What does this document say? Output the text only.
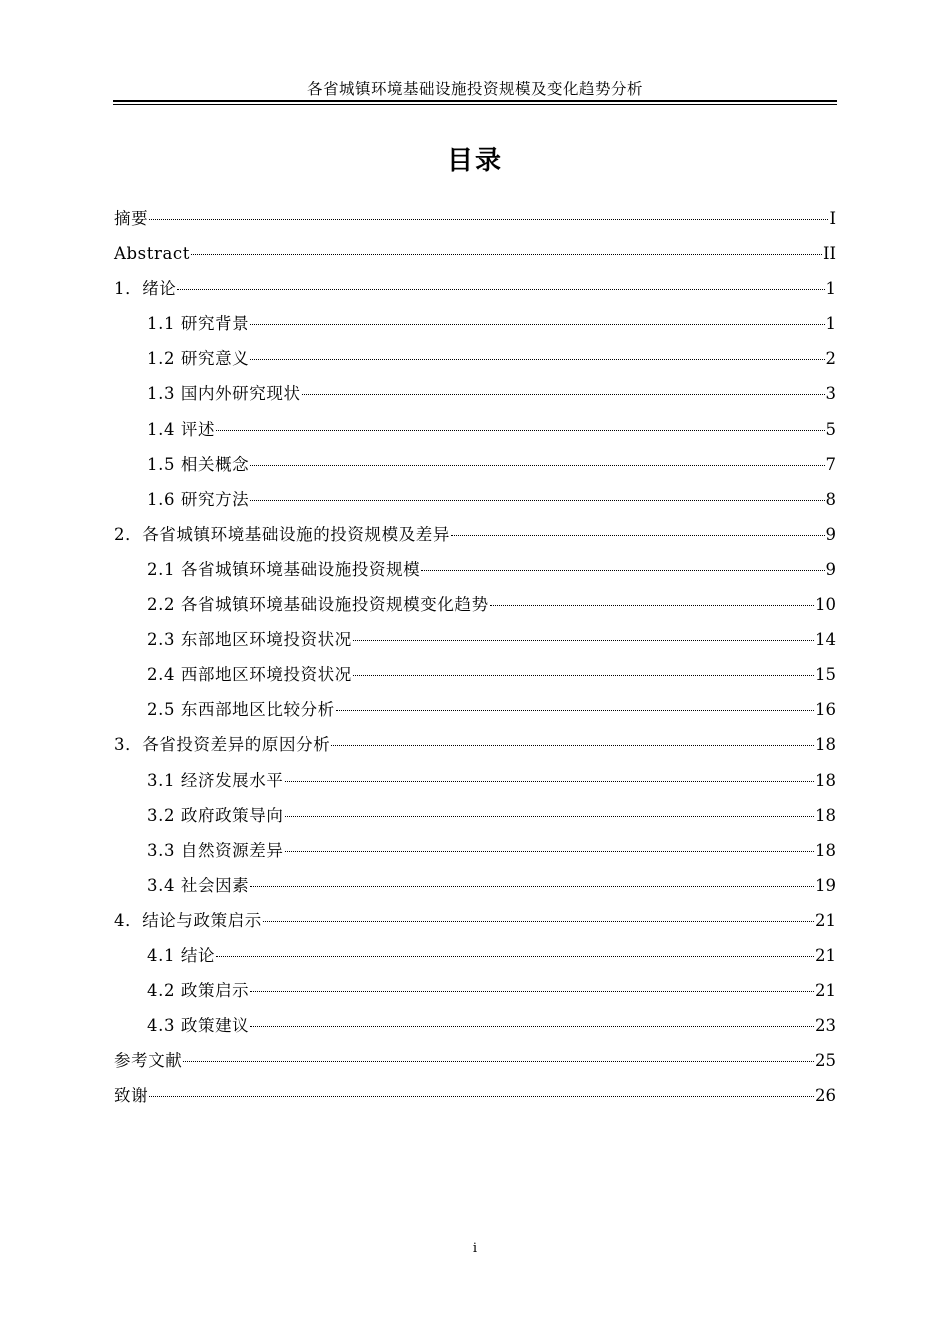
各省城镇环境基础设施投资规模及变化趋势分析
目录
摘要	I
Abstract	II
1．绪论	1
1.1 研究背景	1
1.2 研究意义	2
1.3 国内外研究现状	3
1.4 评述	5
1.5 相关概念	7
1.6 研究方法	8
2．各省城镇环境基础设施的投资规模及差异	9
2.1 各省城镇环境基础设施投资规模	9
2.2 各省城镇环境基础设施投资规模变化趋势	10
2.3 东部地区环境投资状况	14
2.4 西部地区环境投资状况	15
2.5 东西部地区比较分析	16
3．各省投资差异的原因分析	18
3.1 经济发展水平	18
3.2 政府政策导向	18
3.3 自然资源差异	18
3.4 社会因素	19
4．结论与政策启示	21
4.1 结论	21
4.2 政策启示	21
4.3 政策建议	23
参考文献	25
致谢	26
i
